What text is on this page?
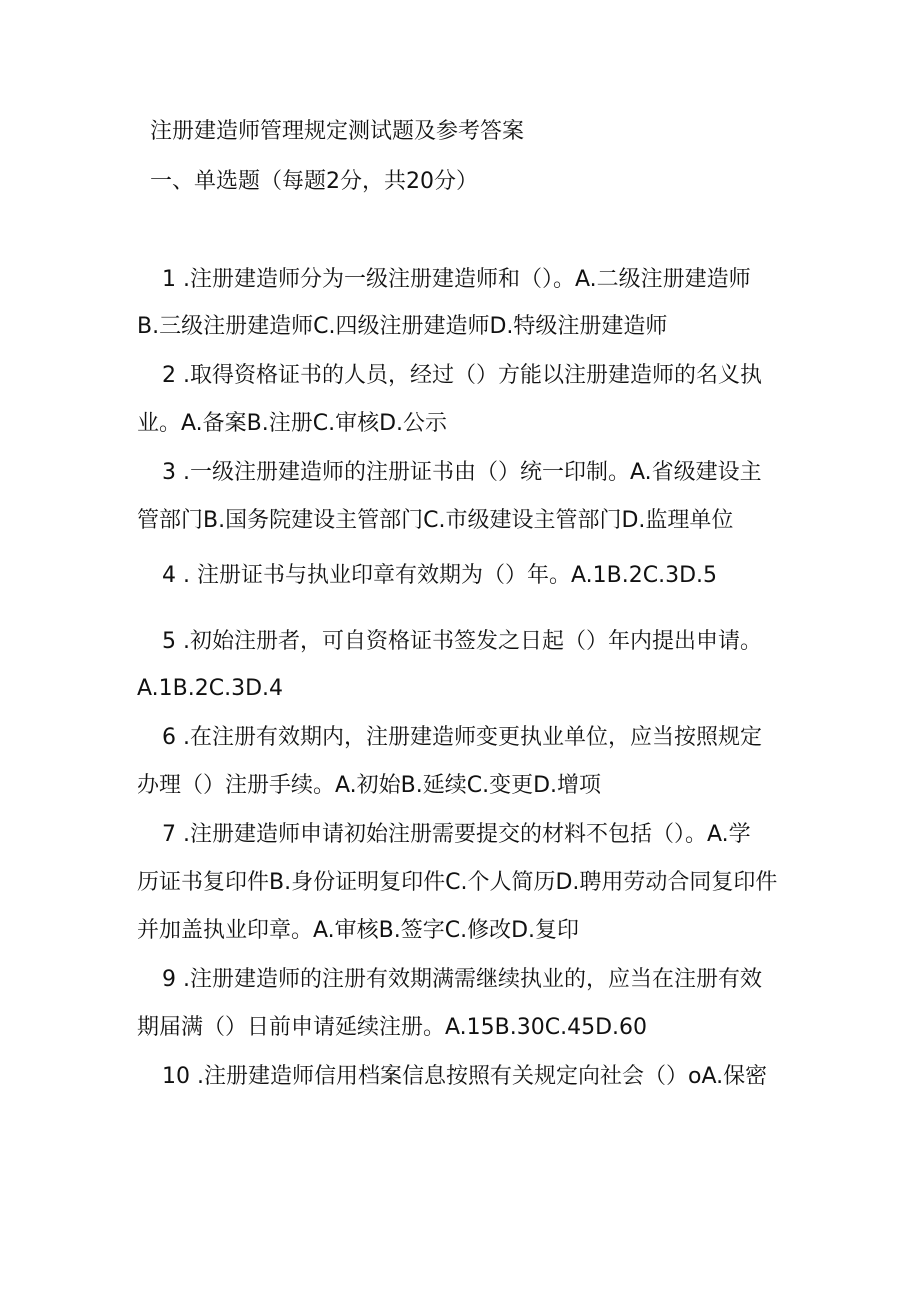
注册建造师管理规定测试题及参考答案
一、单选题（每题2分，共20分）
1 .注册建造师分为一级注册建造师和（）。A.二级注册建造师
B.三级注册建造师C.四级注册建造师D.特级注册建造师
2 .取得资格证书的人员，经过（）方能以注册建造师的名义执
业。A.备案B.注册C.审核D.公示
3 .一级注册建造师的注册证书由（）统一印制。A.省级建设主
管部门B.国务院建设主管部门C.市级建设主管部门D.监理单位
4 . 注册证书与执业印章有效期为（）年。A.1B.2C.3D.5
5 .初始注册者，可自资格证书签发之日起（）年内提出申请。
A.1B.2C.3D.4
6 .在注册有效期内，注册建造师变更执业单位，应当按照规定
办理（）注册手续。A.初始B.延续C.变更D.增项
7 .注册建造师申请初始注册需要提交的材料不包括（）。A.学
历证书复印件B.身份证明复印件C.个人简历D.聘用劳动合同复印件
并加盖执业印章。A.审核B.签字C.修改D.复印
9 .注册建造师的注册有效期满需继续执业的，应当在注册有效
期届满（）日前申请延续注册。A.15B.30C.45D.60
10 .注册建造师信用档案信息按照有关规定向社会（）oA.保密
